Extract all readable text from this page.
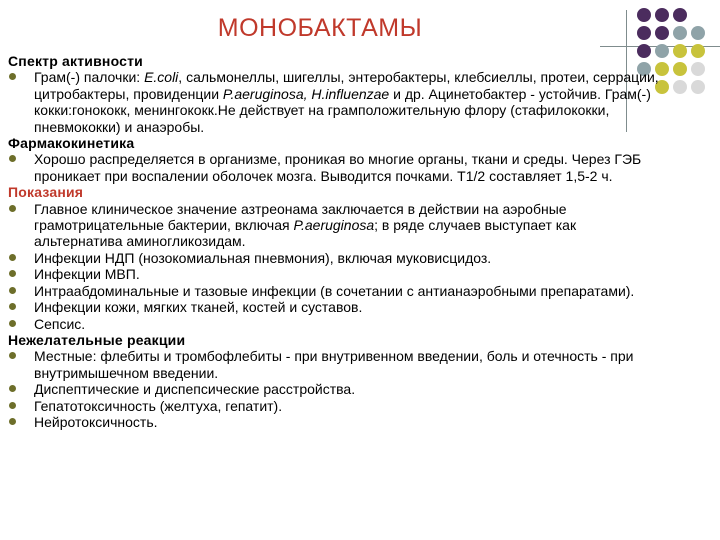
МОНОБАКТАМЫ
Спектр активности
Грам(-) палочки: E.coli, сальмонеллы, шигеллы, энтеробактеры, клебсиеллы, протеи, серрации, цитробактеры, провиденции P.aeruginosa, H.influenzae и др. Ацинетобактер - устойчив. Грам(-) кокки:гонококк, менингококк.Не действует на грамположительную флору (стафилококки, пневмококки) и анаэробы.
Фармакокинетика
Хорошо распределяется в организме, проникая во многие органы, ткани и среды. Через ГЭБ проникает при воспалении оболочек мозга. Выводится почками. Т1/2 составляет 1,5-2 ч.
Показания
Главное клиническое значение азтреонама заключается в действии на аэробные грамотрицательные бактерии, включая P.aeruginosa; в ряде случаев выступает как альтернатива аминогликозидам.
Инфекции НДП (нозокомиальная пневмония), включая муковисцидоз.
Инфекции МВП.
Интраабдоминальные и тазовые инфекции (в сочетании с антианаэробными препаратами).
Инфекции кожи, мягких тканей, костей и суставов.
Сепсис.
Нежелательные реакции
Местные: флебиты и тромбофлебиты - при внутривенном введении, боль и отечность - при внутримышечном введении.
Диспептические и диспепсические расстройства.
Гепатотоксичность (желтуха, гепатит).
Нейротоксичность.
